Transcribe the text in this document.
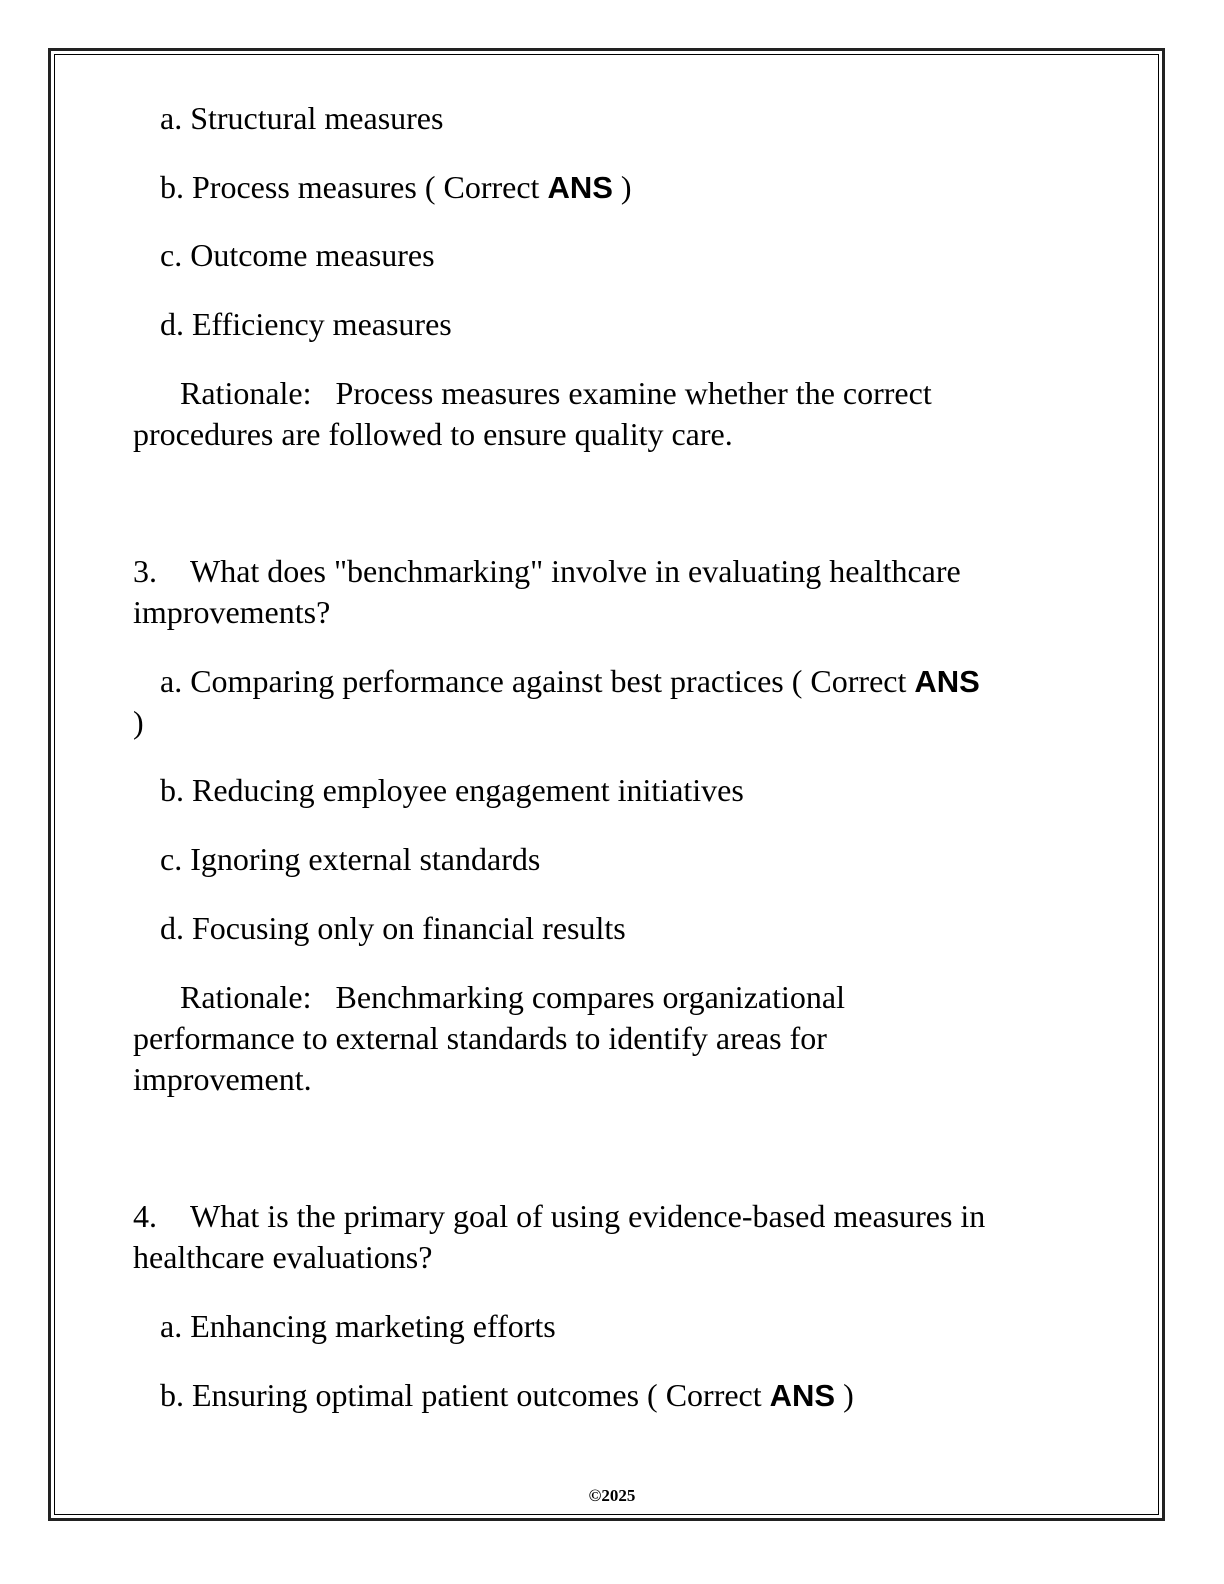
a. Structural measures
b. Process measures ( Correct ANS )
c. Outcome measures
d. Efficiency measures
Rationale:   Process measures examine whether the correct
procedures are followed to ensure quality care.
3. What does "benchmarking" involve in evaluating healthcare
improvements?
a. Comparing performance against best practices ( Correct ANS
)
b. Reducing employee engagement initiatives
c. Ignoring external standards
d. Focusing only on financial results
Rationale:   Benchmarking compares organizational
performance to external standards to identify areas for
improvement.
4. What is the primary goal of using evidence-based measures in
healthcare evaluations?
a. Enhancing marketing efforts
b. Ensuring optimal patient outcomes ( Correct ANS )
©2025
